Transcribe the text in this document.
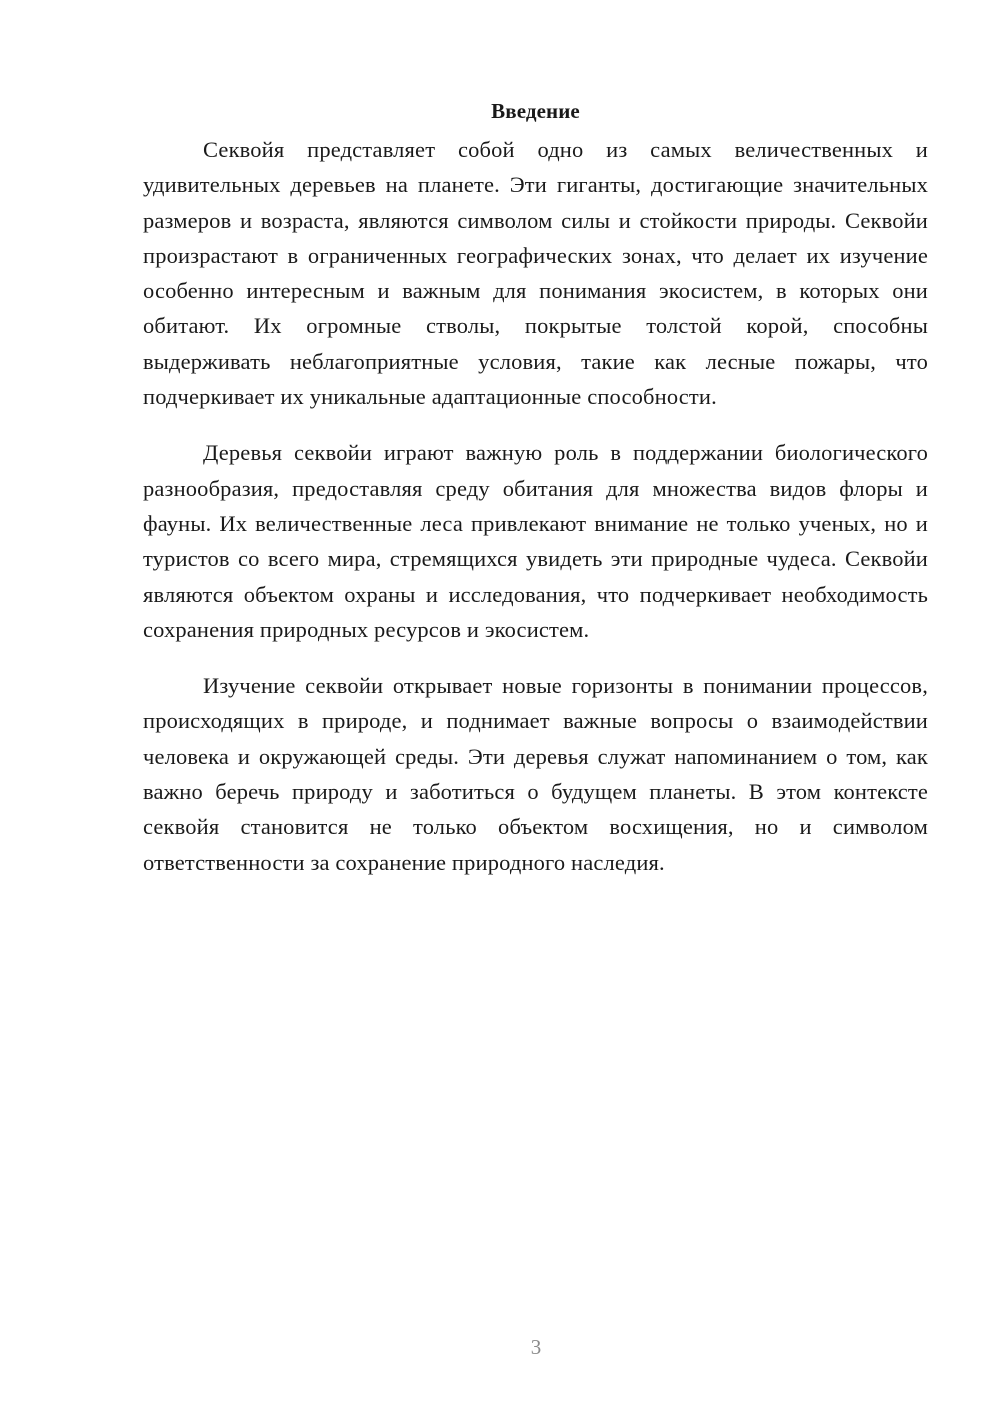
Введение

Секвойя представляет собой одно из самых величественных и удивительных деревьев на планете. Эти гиганты, достигающие значительных размеров и возраста, являются символом силы и стойкости природы. Секвойи произрастают в ограниченных географических зонах, что делает их изучение особенно интересным и важным для понимания экосистем, в которых они обитают. Их огромные стволы, покрытые толстой корой, способны выдерживать неблагоприятные условия, такие как лесные пожары, что подчеркивает их уникальные адаптационные способности.

Деревья секвойи играют важную роль в поддержании биологического разнообразия, предоставляя среду обитания для множества видов флоры и фауны. Их величественные леса привлекают внимание не только ученых, но и туристов со всего мира, стремящихся увидеть эти природные чудеса. Секвойи являются объектом охраны и исследования, что подчеркивает необходимость сохранения природных ресурсов и экосистем.

Изучение секвойи открывает новые горизонты в понимании процессов, происходящих в природе, и поднимает важные вопросы о взаимодействии человека и окружающей среды. Эти деревья служат напоминанием о том, как важно беречь природу и заботиться о будущем планеты. В этом контексте секвойя становится не только объектом восхищения, но и символом ответственности за сохранение природного наследия.

3
